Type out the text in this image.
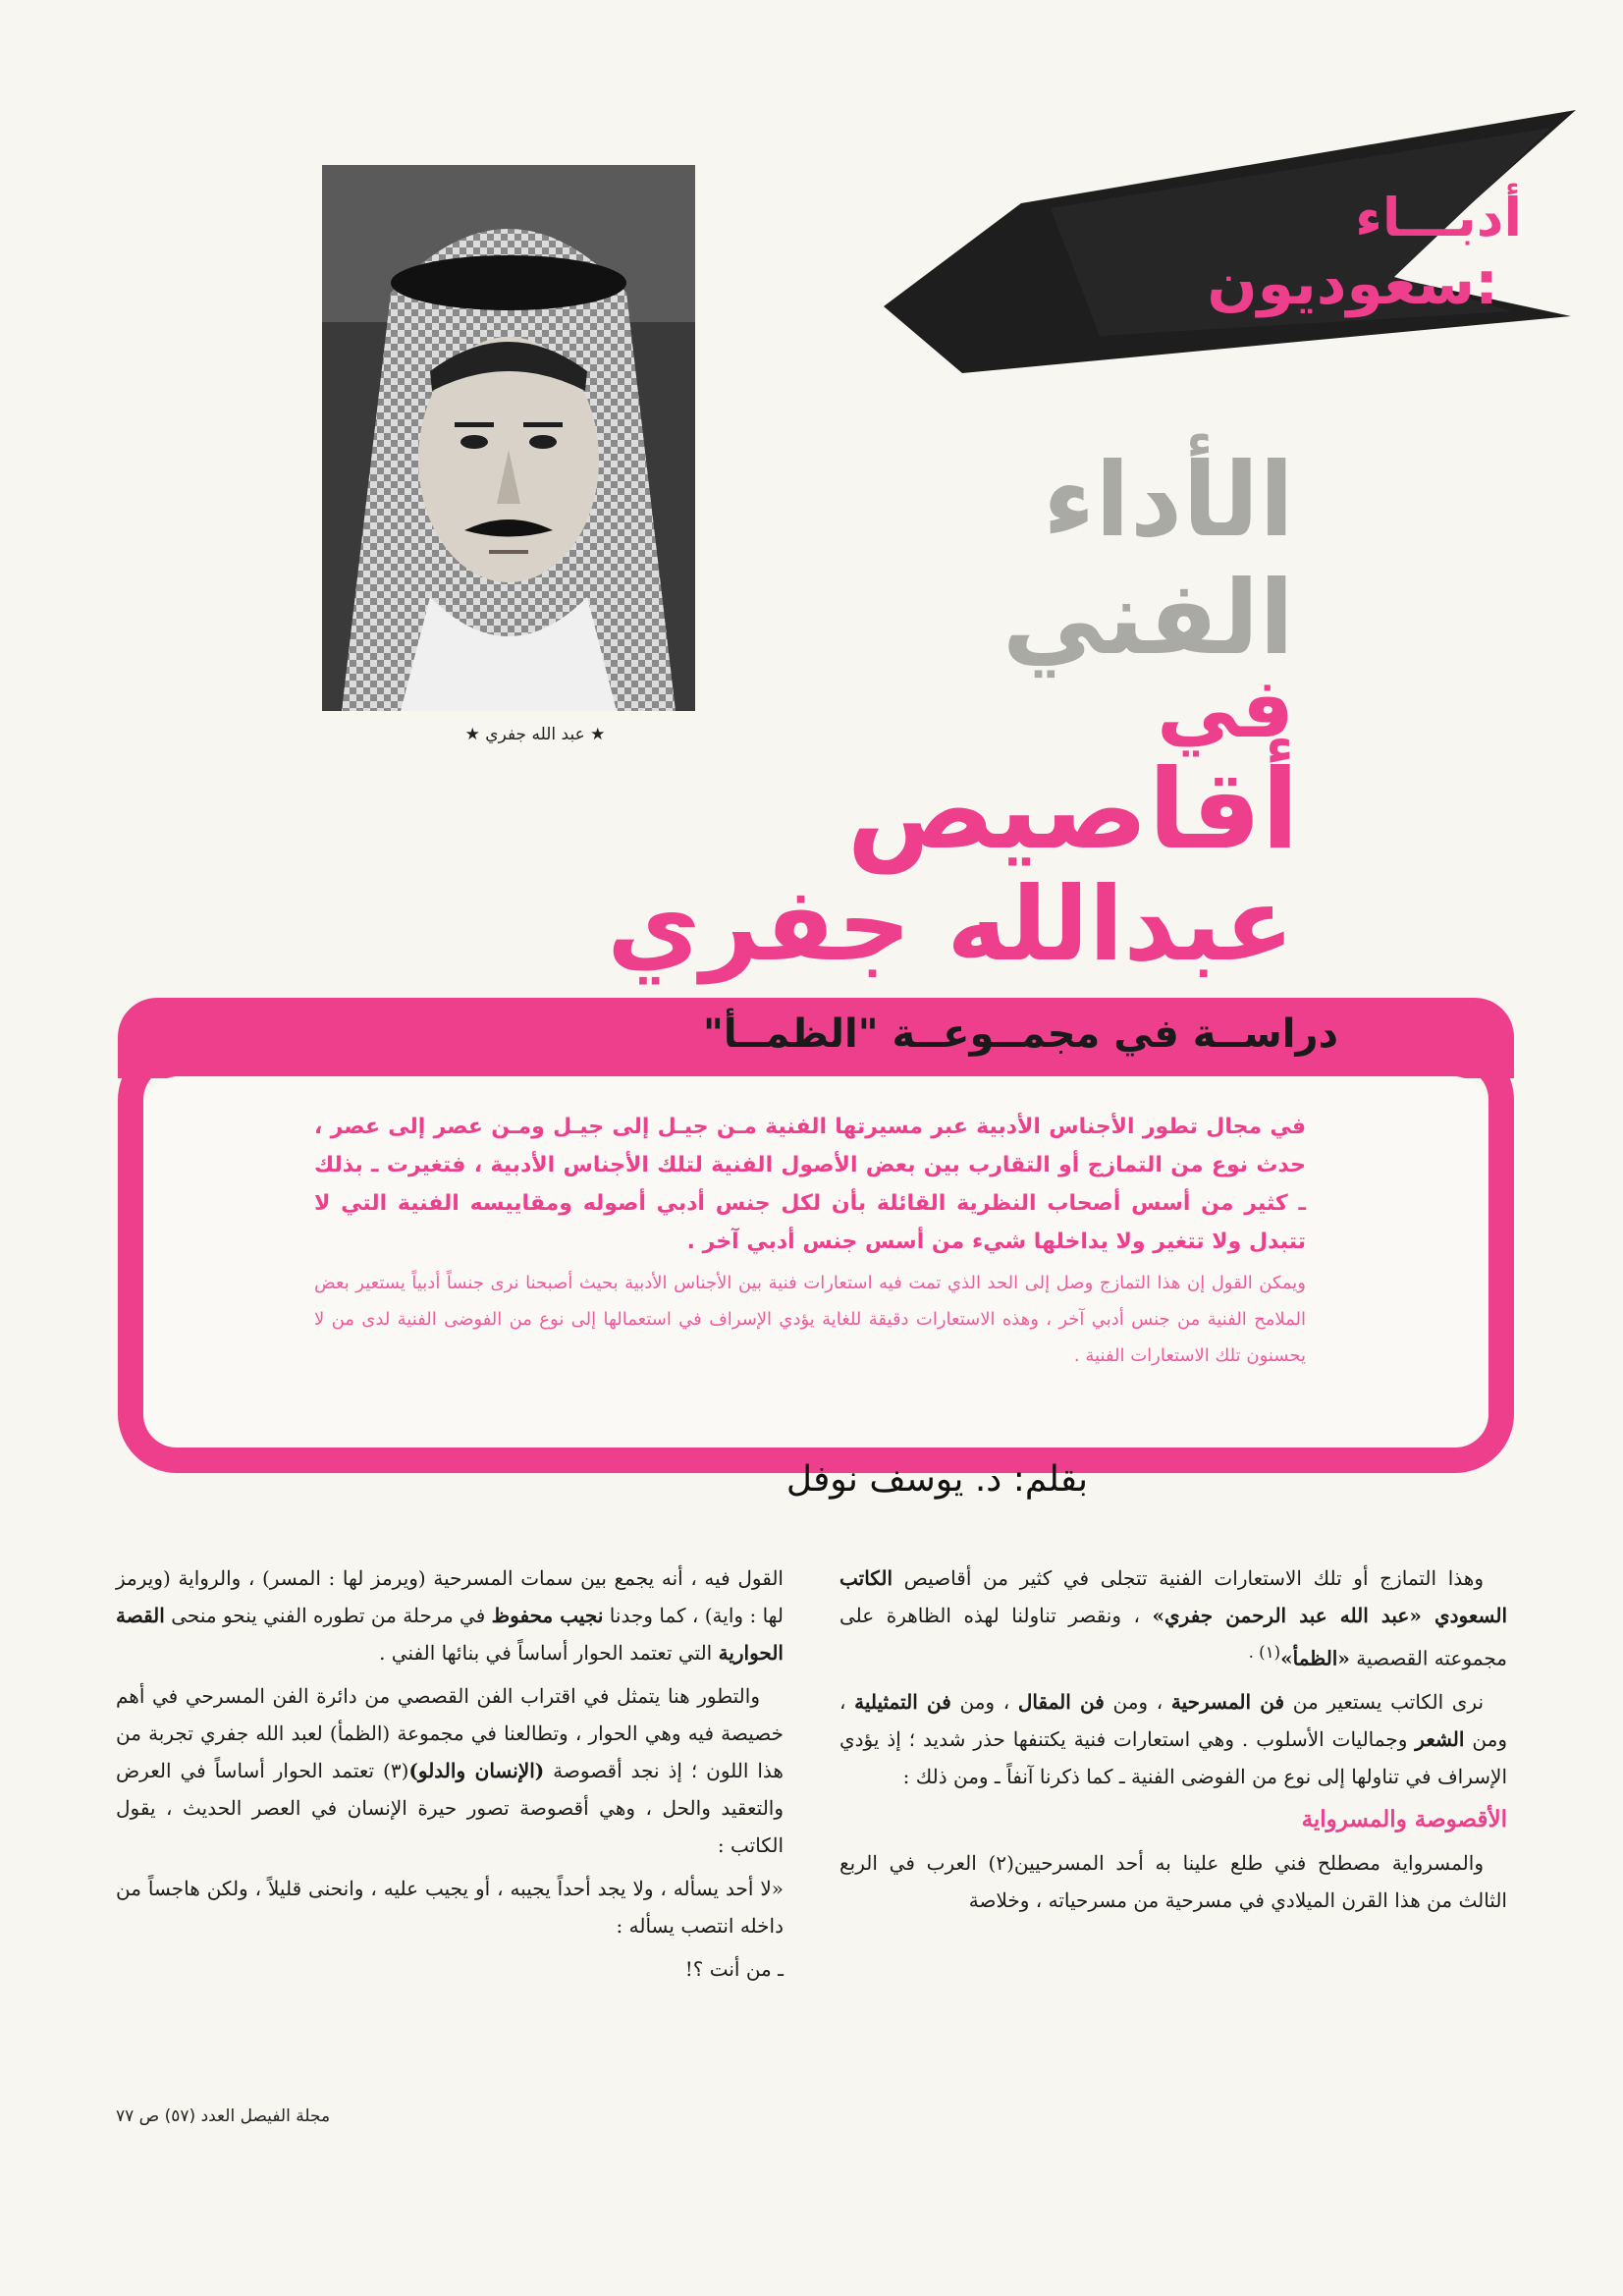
أدبـــاء
سعوديون:
★ عبد الله جفري ★
الأداء
الفني
في
أقاصيص
عبدالله جفري
دراســة في مجمــوعــة "الظمــأ"

في مجال تطور الأجناس الأدبية عبر مسيرتها الفنية مـن جيـل إلى جيـل ومـن عصر إلى عصر ، حدث نوع من التمازج أو التقارب بين بعض الأصول الفنية لتلك الأجناس الأدبية ، فتغيرت ـ بذلك ـ كثير من أسس أصحاب النظرية القائلة بأن لكل جنس أدبي أصوله ومقاييسه الفنية التي لا تتبدل ولا تتغير ولا يداخلها شيء من أسس جنس أدبي آخر .

ويمكن القول إن هذا التمازج وصل إلى الحد الذي تمت فيه استعارات فنية بين الأجناس الأدبية بحيث أصبحنا نرى جنساً أدبياً يستعير بعض الملامح الفنية من جنس أدبي آخر ، وهذه الاستعارات دقيقة للغاية يؤدي الإسراف في استعمالها إلى نوع من الفوضى الفنية لدى من لا يحسنون تلك الاستعارات الفنية .

بقلم: د. يوسف نوفل

وهذا التمازج أو تلك الاستعارات الفنية تتجلى في كثير من أقاصيص الكاتب السعودي «عبد الله عبد الرحمن جفري» ، ونقصر تناولنا لهذه الظاهرة على مجموعته القصصية «الظمأ»$^{(١) .}$

نرى الكاتب يستعير من فن المسرحية ، ومن فن المقال ، ومن فن التمثيلية ، ومن الشعر وجماليات الأسلوب . وهي استعارات فنية يكتنفها حذر شديد ؛ إذ يؤدي الإسراف في تناولها إلى نوع من الفوضى الفنية ـ كما ذكرنا آنفاً ـ ومن ذلك :

الأقصوصة والمسرواية

والمسرواية مصطلح فني طلع علينا به أحد المسرحيين(٢) العرب في الربع الثالث من هذا القرن الميلادي في مسرحية من مسرحياته ، وخلاصة

القول فيه ، أنه يجمع بين سمات المسرحية (ويرمز لها : المسر) ، والرواية (ويرمز لها : واية) ، كما وجدنا نجيب محفوظ في مرحلة من تطوره الفني ينحو منحى القصة الحوارية التي تعتمد الحوار أساساً في بنائها الفني .

والتطور هنا يتمثل في اقتراب الفن القصصي من دائرة الفن المسرحي في أهم خصيصة فيه وهي الحوار ، وتطالعنا في مجموعة (الظمأ) لعبد الله جفري تجربة من هذا اللون ؛ إذ نجد أقصوصة (الإنسان والدلو)(٣) تعتمد الحوار أساساً في العرض والتعقيد والحل ، وهي أقصوصة تصور حيرة الإنسان في العصر الحديث ، يقول الكاتب :

«لا أحد يسأله ، ولا يجد أحداً يجيبه ، أو يجيب عليه ، وانحنى قليلاً ، ولكن هاجساً من داخله انتصب يسأله :

ـ من أنت ؟!

مجلة الفيصل العدد (٥٧) ص ٧٧
